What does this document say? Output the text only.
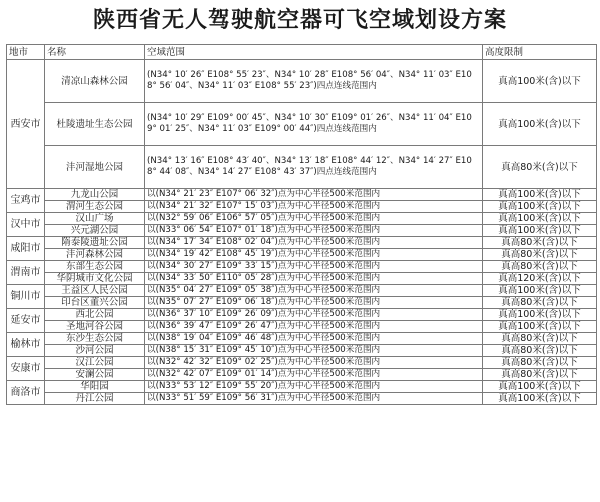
陕西省无人驾驶航空器可飞空域划设方案
地市	名称	空域范围	高度限制
西安市	清凉山森林公园	(N34° 10′ 26″ E108° 55′ 23″、N34° 10′ 28″ E108° 56′ 04″、N34° 11′ 03″ E108° 56′ 04″、N34° 11′ 03″ E108° 55′ 23″)四点连线范围内	真高100米(含)以下
	杜陵遗址生态公园	(N34° 10′ 29″ E109° 00′ 45″、N34° 10′ 30″ E109° 01′ 26″、N34° 11′ 04″ E109° 01′ 25″、N34° 11′ 03″ E109° 00′ 44″)四点连线范围内	真高100米(含)以下
	沣河湿地公园	(N34° 13′ 16″ E108° 43′ 40″、N34° 13′ 18″ E108° 44′ 12″、N34° 14′ 27″ E108° 44′ 08″、N34° 14′ 27″ E108° 43′ 37″)四点连线范围内	真高80米(含)以下
宝鸡市	九龙山公园	以(N34° 21′ 23″ E107° 06′ 32″)点为中心半径500米范围内	真高100米(含)以下
	渭河生态公园	以(N34° 21′ 32″ E107° 15′ 03″)点为中心半径500米范围内	真高100米(含)以下
汉中市	汉山广场	以(N32° 59′ 06″ E106° 57′ 05″)点为中心半径500米范围内	真高100米(含)以下
	兴元湖公园	以(N33° 06′ 54″ E107° 01′ 18″)点为中心半径500米范围内	真高100米(含)以下
咸阳市	隋泰陵遗址公园	以(N34° 17′ 34″ E108° 02′ 04″)点为中心半径500米范围内	真高80米(含)以下
	沣河森林公园	以(N34° 19′ 42″ E108° 45′ 19″)点为中心半径500米范围内	真高80米(含)以下
渭南市	东部生态公园	以(N34° 30′ 27″ E109° 33′ 15″)点为中心半径500米范围内	真高80米(含)以下
	华阴城市文化公园	以(N34° 33′ 50″ E110° 05′ 28″)点为中心半径500米范围内	真高120米(含)以下
铜川市	王益区人民公园	以(N35° 04′ 27″ E109° 05′ 38″)点为中心半径500米范围内	真高100米(含)以下
	印台区董兴公园	以(N35° 07′ 27″ E109° 06′ 18″)点为中心半径500米范围内	真高80米(含)以下
延安市	西北公园	以(N36° 37′ 10″ E109° 26′ 09″)点为中心半径500米范围内	真高100米(含)以下
	圣地河谷公园	以(N36° 39′ 47″ E109° 26′ 47″)点为中心半径500米范围内	真高100米(含)以下
榆林市	东沙生态公园	以(N38° 19′ 04″ E109° 46′ 48″)点为中心半径500米范围内	真高80米(含)以下
	沙河公园	以(N38° 15′ 31″ E109° 45′ 10″)点为中心半径500米范围内	真高80米(含)以下
安康市	汉江公园	以(N32° 42′ 32″ E109° 02′ 25″)点为中心半径500米范围内	真高80米(含)以下
	安澜公园	以(N32° 42′ 07″ E109° 01′ 14″)点为中心半径500米范围内	真高80米(含)以下
商洛市	华阳园	以(N33° 53′ 12″ E109° 55′ 20″)点为中心半径500米范围内	真高100米(含)以下
	丹江公园	以(N33° 51′ 59″ E109° 56′ 31″)点为中心半径500米范围内	真高100米(含)以下
